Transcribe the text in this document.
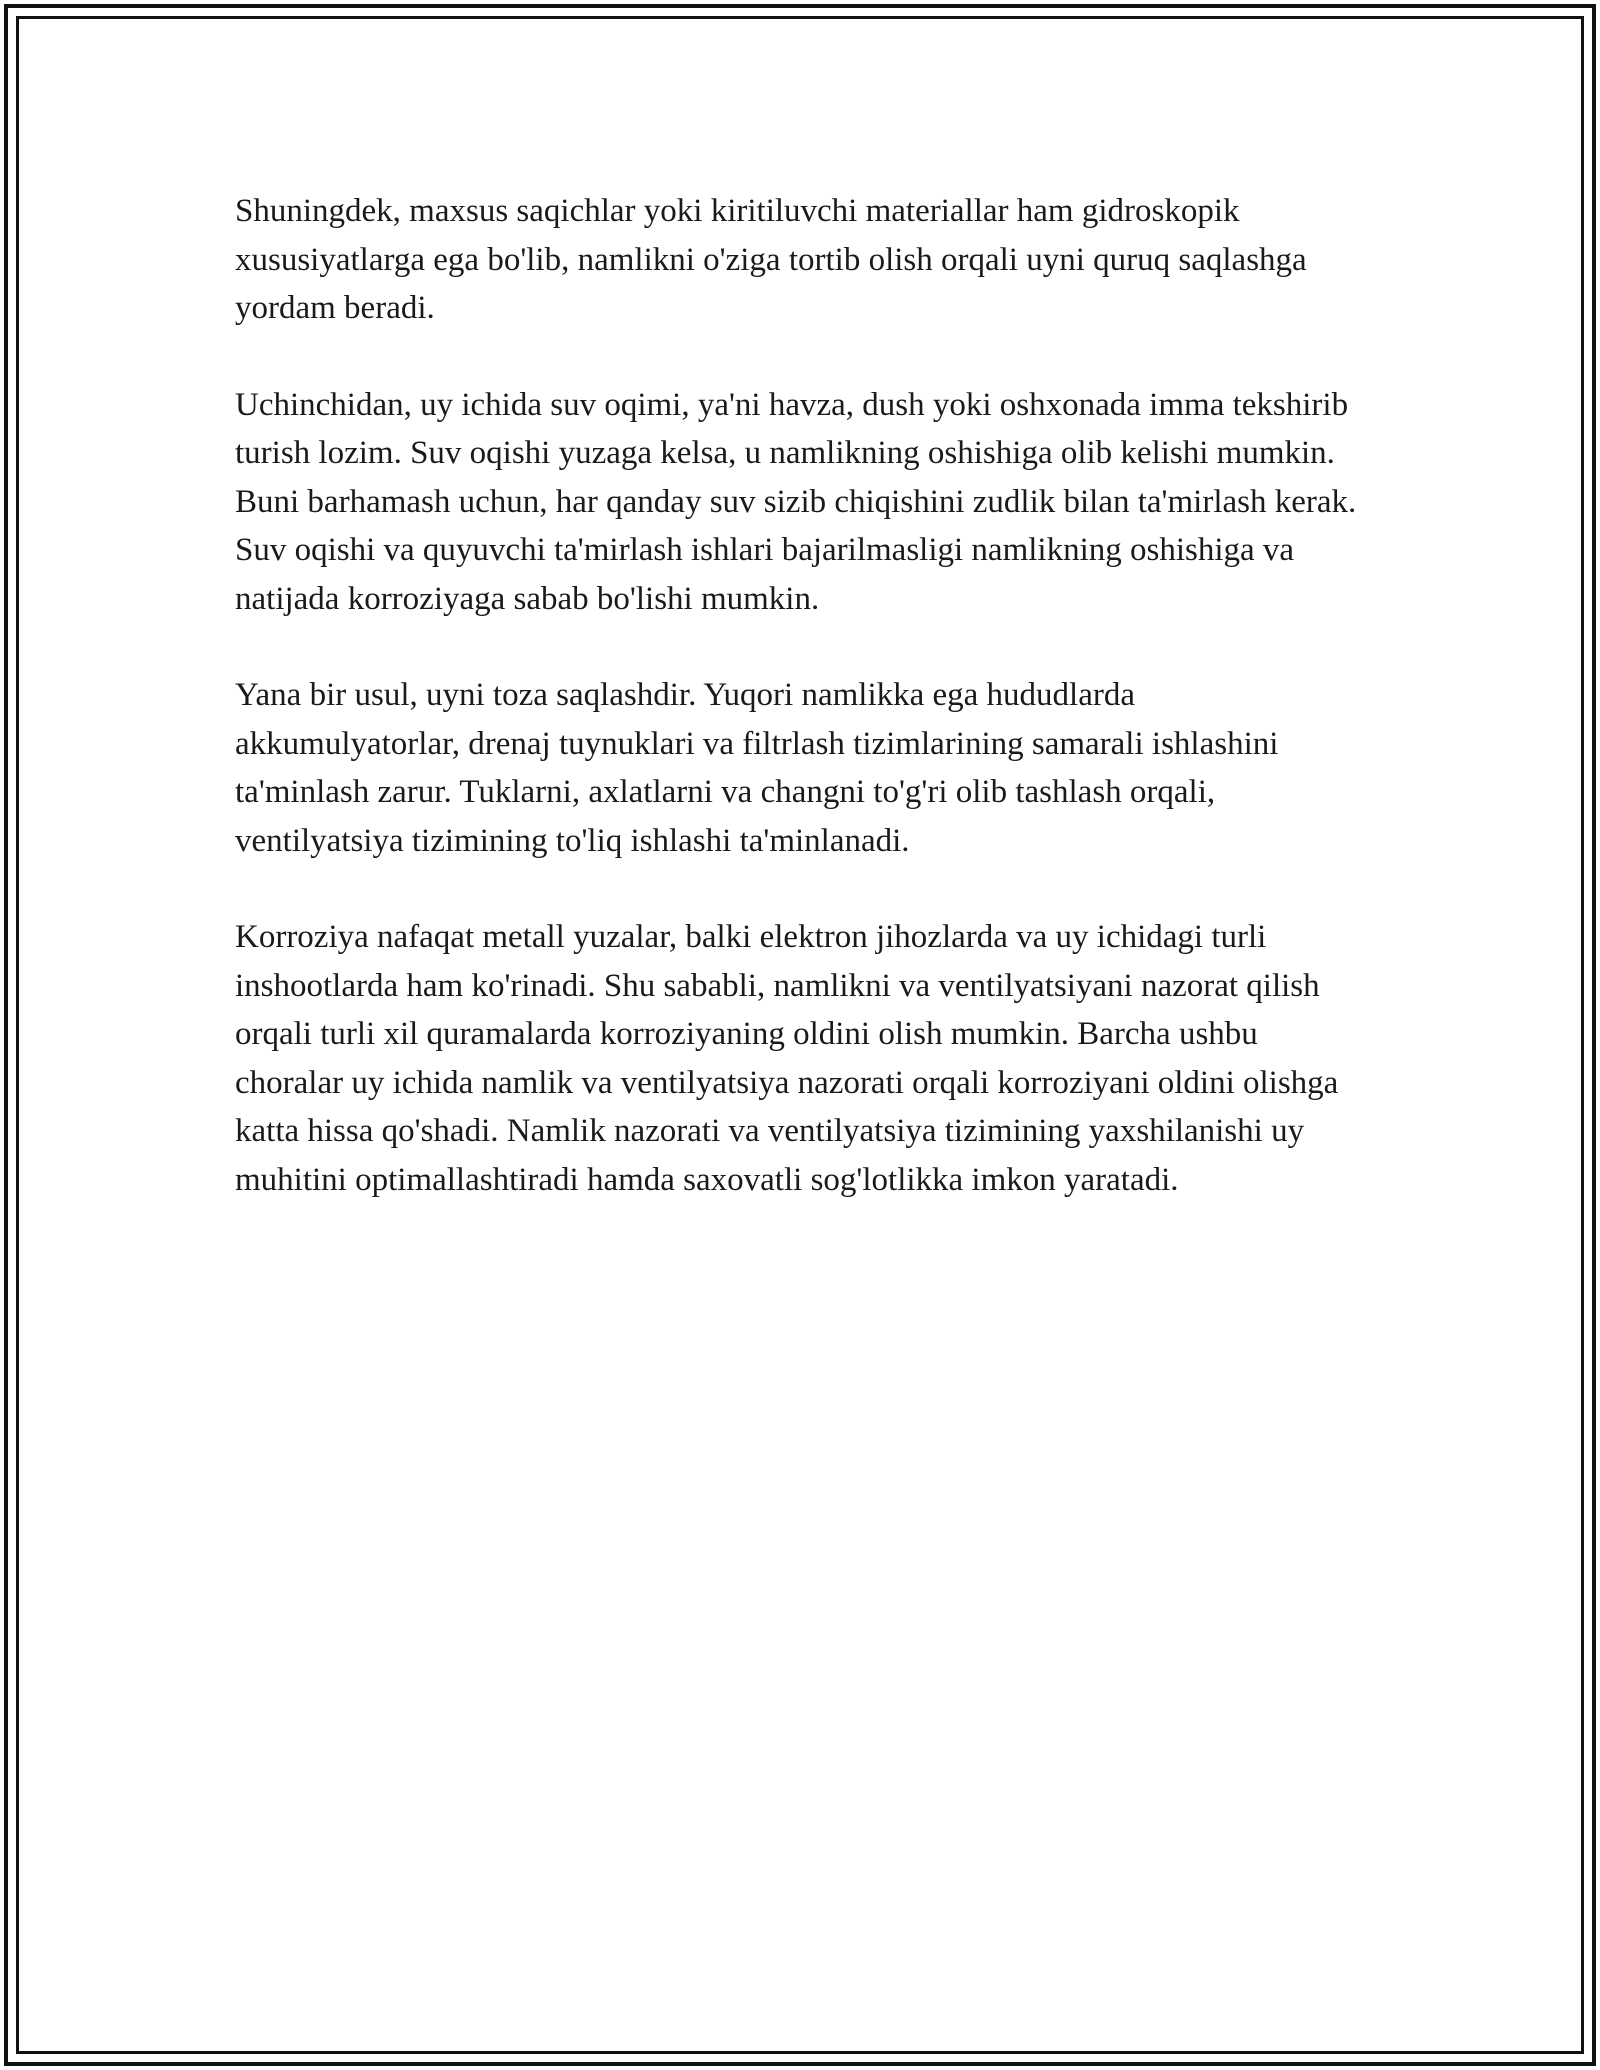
Shuningdek, maxsus saqichlar yoki kiritiluvchi materiallar ham gidroskopik xususiyatlarga ega bo'lib, namlikni o'ziga tortib olish orqali uyni quruq saqlashga yordam beradi.

Uchinchidan, uy ichida suv oqimi, ya'ni havza, dush yoki oshxonada imma tekshirib turish lozim. Suv oqishi yuzaga kelsa, u namlikning oshishiga olib kelishi mumkin. Buni barhamash uchun, har qanday suv sizib chiqishini zudlik bilan ta'mirlash kerak. Suv oqishi va quyuvchi ta'mirlash ishlari bajarilmasligi namlikning oshishiga va natijada korroziyaga sabab bo'lishi mumkin.

Yana bir usul, uyni toza saqlashdir. Yuqori namlikka ega hududlarda akkumulyatorlar, drenaj tuynuklari va filtrlash tizimlarining samarali ishlashini ta'minlash zarur. Tuklarni, axlatlarni va changni to'g'ri olib tashlash orqali, ventilyatsiya tizimining to'liq ishlashi ta'minlanadi.

Korroziya nafaqat metall yuzalar, balki elektron jihozlarda va uy ichidagi turli inshootlarda ham ko'rinadi. Shu sababli, namlikni va ventilyatsiyani nazorat qilish orqali turli xil quramalarda korroziyaning oldini olish mumkin. Barcha ushbu choralar uy ichida namlik va ventilyatsiya nazorati orqali korroziyani oldini olishga katta hissa qo'shadi. Namlik nazorati va ventilyatsiya tizimining yaxshilanishi uy muhitini optimallashtiradi hamda saxovatli sog'lotlikka imkon yaratadi.
